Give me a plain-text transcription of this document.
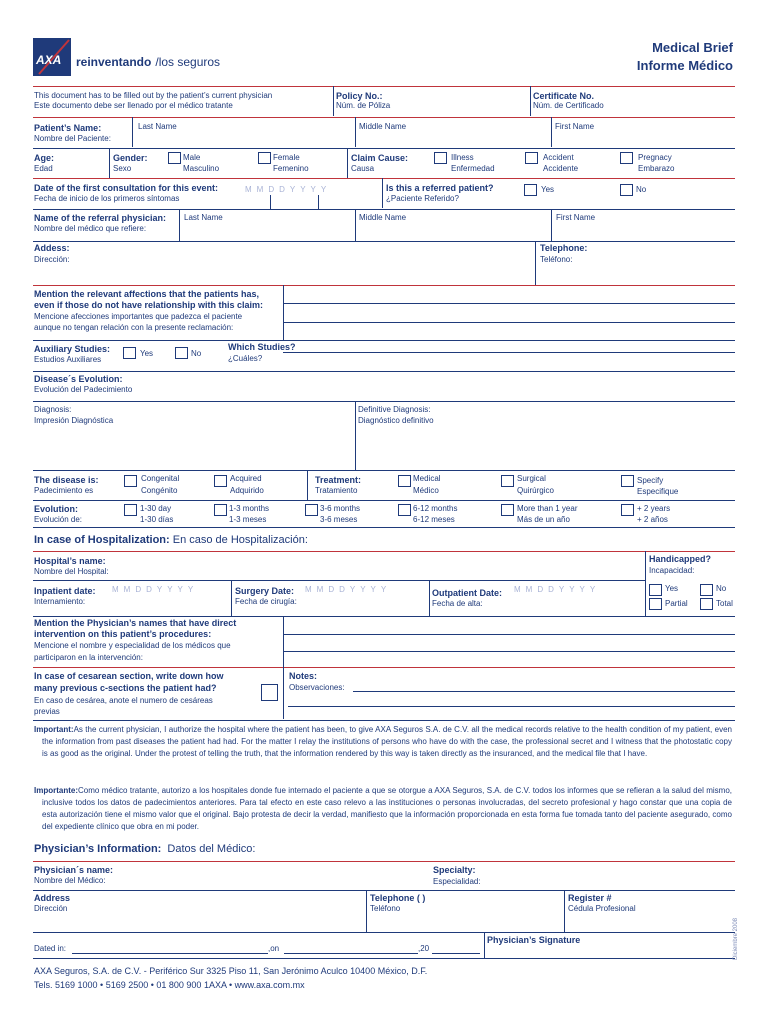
AXA reinventando /los seguros
Medical Brief
Informe Médico
This document has to be filled out by the patient’s current physician
Este documento debe ser llenado por el médico tratante
Policy No.:
Núm. de Póliza
Certificate No.
Núm. de Certificado
Patient’s Name:
Nombre del Paciente:
Last Name	Middle Name	First Name
Age:
Edad
Gender:
Sexo
Male
Masculino
Female
Femenino
Claim Cause:
Causa
Illness
Enfermedad
Accident
Accidente
Pregnacy
Embarazo
Date of the first consultation for this event:
Fecha de inicio de los primeros síntomas
MMDDYYYY	Is this a referred patient?
¿Paciente Referido?
Yes	No
Name of the referral physician:
Nombre del médico que refiere:
Last Name	Middle Name	First Name
Addess:
Dirección:
Telephone:
Teléfono:
Mention the relevant affections that the patients has,
even if those do not have relationship with this claim:
Mencione afecciones importantes que padezca el paciente
aunque no tengan relación con la presente reclamación:
Auxiliary Studies:
Estudios Auxiliares
Yes	No
Which Studies?
¿Cuáles?
Disease´s Evolution:
Evolución del Padecimiento
Diagnosis:
Impresión Diagnóstica
Definitive Diagnosis:
Diagnóstico definitivo
The disease is:
Padecimiento es
Congenital
Congénito
Acquired
Adquirido
Treatment:
Tratamiento
Medical
Médico
Surgical
Quirúrgico
Specify
Especifique
Evolution:
Evolución de:
1-30 day
1-30 días
1-3 months
1-3 meses
3-6 months
3-6 meses
6-12 months
6-12 meses
More than 1 year
Más de un año
+ 2 years
+ 2 años
In case of Hospitalization: En caso de Hospitalización:
Hospital’s name:
Nombre del Hospital:
Handicapped?
Incapacidad:
Inpatient date:
Internamiento:
MMDDYYYY	Surgery Date:
Fecha de cirugía:
MMDDYYYY	Outpatient Date:
Fecha de alta:
MMDDYYYY	Yes	No
Partial	Total
Mention the Physician’s names that have direct
intervention on this patient’s procedures:
Mencione el nombre y especialidad de los médicos que
participaron en la intervención:
In case of cesarean section, write down how
many previous c-sections the patient had?
En caso de cesárea, anote el numero de cesáreas
previas
Notes:
Observaciones:
Important:As the current physician, I authorize the hospital where the patient has been, to give AXA Seguros S.A. de C.V. all the medical records relative to the health condition of my patient, even the information from past diseases the patient had had. For the matter I relay the institutions of persons who have do with the case, the professional secret and I witness that the photostatic copy is as good as the original. Under the protest of telling the truth, that the information rendered by this way is taken directly as the insuranced, and the medical file that I have.
Importante:Como médico tratante, autorizo a los hospitales donde fue internado el paciente a que se otorgue a AXA Seguros, S.A. de C.V. todos los informes que se refieran a la salud del mismo, inclusive todos los datos de padecimientos anteriores. Para tal efecto en este caso relevo a las instituciones o personas involucradas, del secreto profesional y hago constar que una copia de esta autorización tiene el mismo valor que el original. Bajo protesta de decir la verdad, manifiesto que la información proporcionada en esta forma fue tomada tanto del paciente asegurado, como del expediente clínico que obra en mi poder.
Physician’s Information: Datos del Médico:
Physician´s name:
Nombre del Médico:
Specialty:
Especialidad:
Address
Dirección
Telephone ( )
Teléfono
Register #
Cédula Profesional
Dated in:	,on	,20
Physician’s Signature	Diciembre 2008
AXA Seguros, S.A. de C.V. - Periférico Sur 3325 Piso 11, San Jerónimo Aculco 10400 México, D.F.
Tels. 5169 1000 • 5169 2500 • 01 800 900 1AXA • www.axa.com.mx
